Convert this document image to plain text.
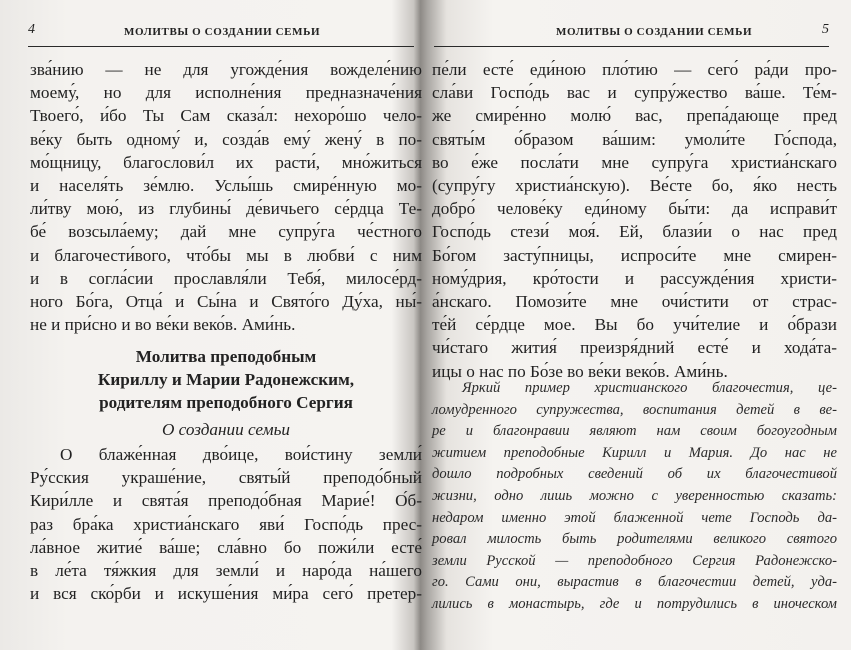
4	МОЛИТВЫ О СОЗДАНИИ СЕМЬИ
зва́нию — не для угожде́ния вожделе́нию
моему́, но для исполне́ния предназначе́ния
Твоего́, и́бо Ты Сам сказа́л: нехоро́шо чело-
ве́ку быть одному́ и, созда́в ему́ жену́ в по-
мо́щницу, благослови́л их расти́, мно́житься
и населя́ть зе́млю. Услы́шь смире́нную мо-
ли́тву мою́, из глубины́ де́вичьего се́рдца Те-
бе́ возсыла́ему; дай мне супру́га че́стного
и благочести́вого, что́бы мы в любви́ с ним
и в согла́сии прославля́ли Тебя́, милосе́рд-
ного Бо́га, Отца́ и Сы́на и Свято́го Ду́ха, ны́-
не и при́сно и во ве́ки веко́в. Ами́нь.
Молитва преподобным
Кириллу и Марии Радонежским,
родителям преподобного Сергия
О создании семьи
О блаже́нная дво́ице, вои́стину земли́
Ру́сския украше́ние, святы́й преподо́бный
Кири́лле и свята́я преподо́бная Марие́! О́б-
раз бра́ка христиа́нскаго яви́ Госпо́дь прес-
ла́вное житие́ ва́ше; сла́вно бо пожи́ли есте́
в ле́та тя́жкия для земли́ и наро́да на́шего
и вся ско́рби и искуше́ния ми́ра сего́ претер-
МОЛИТВЫ О СОЗДАНИИ СЕМЬИ	5
пе́ли есте́ еди́ною пло́тию — сего́ ра́ди про-
сла́ви Госпо́дь вас и супру́жество ва́ше. Те́м-
же смире́нно молю́ вас, препа́дающе пред
святы́м о́бразом ва́шим: умоли́те Го́спода,
во е́же посла́ти мне супру́га христиа́нскаго
(супру́гу христиа́нскую). Ве́сте бо, я́ко несть
добро́ челове́ку еди́ному бы́ти: да исправи́т
Госпо́дь стези́ моя́. Ей, блази́и о нас пред
Бо́гом засту́пницы, испроси́те мне смирен-
ному́дрия, кро́тости и рассужде́ния христи-
а́нскаго. Помози́те мне очи́стити от страс-
те́й се́рдце мое. Вы бо учи́телие и о́брази
чи́стаго жития́ преизря́дний есте́ и хода́та-
ицы о нас по Бо́зе во ве́ки веко́в. Ами́нь.
Яркий пример христианского благочестия, це-
ломудренного супружества, воспитания детей в ве-
ре и благонравии являют нам своим богоугодным
житием преподобные Кирилл и Мария. До нас не
дошло подробных сведений об их благочестивой
жизни, одно лишь можно с уверенностью сказать:
недаром именно этой блаженной чете Господь да-
ровал милость быть родителями великого святого
земли Русской — преподобного Сергия Радонежско-
го. Сами они, вырастив в благочестии детей, уда-
лились в монастырь, где и потрудились в иноческом
